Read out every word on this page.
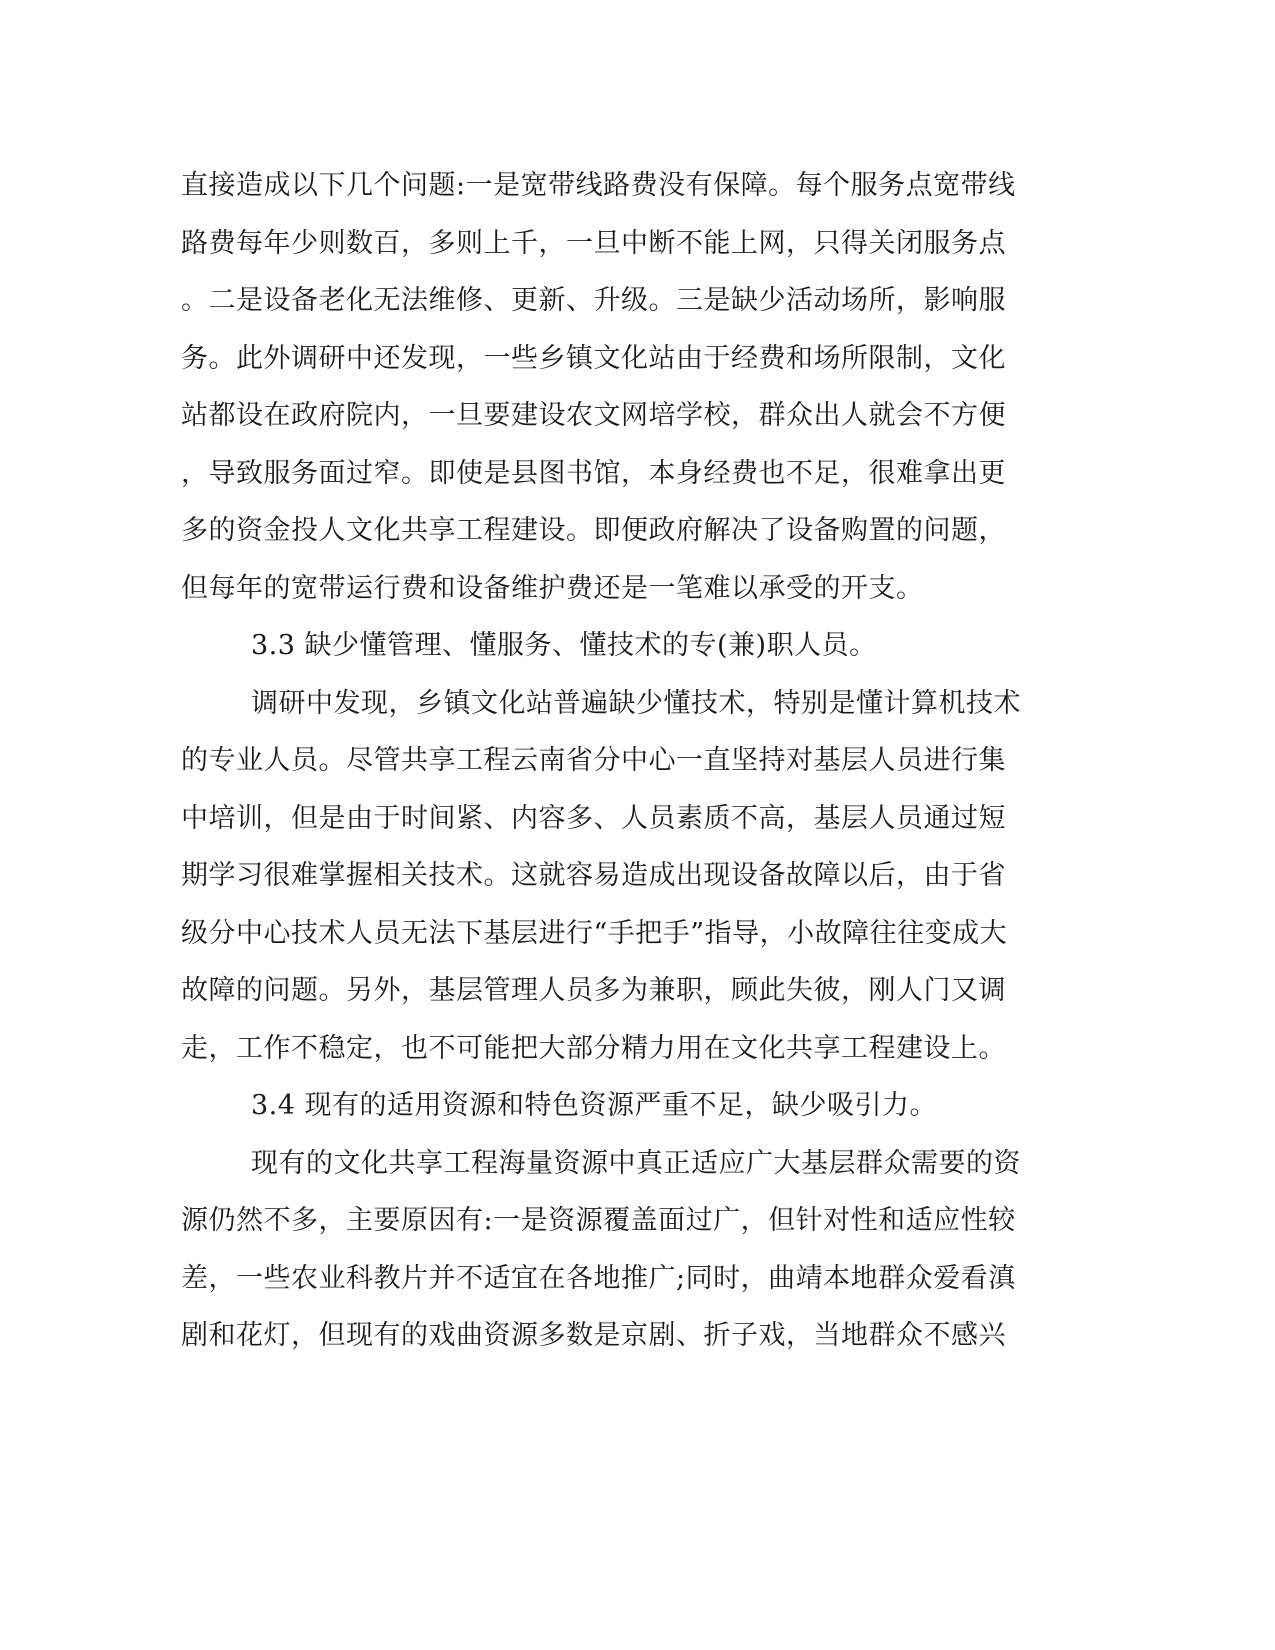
直接造成以下几个问题:一是宽带线路费没有保障。每个服务点宽带线
路费每年少则数百，多则上千，一旦中断不能上网，只得关闭服务点
。二是设备老化无法维修、更新、升级。三是缺少活动场所，影响服
务。此外调研中还发现，一些乡镇文化站由于经费和场所限制，文化
站都设在政府院内，一旦要建设农文网培学校，群众出人就会不方便
，导致服务面过窄。即使是县图书馆，本身经费也不足，很难拿出更
多的资金投人文化共享工程建设。即便政府解决了设备购置的问题，
但每年的宽带运行费和设备维护费还是一笔难以承受的开支。
3.3 缺少懂管理、懂服务、懂技术的专(兼)职人员。
调研中发现，乡镇文化站普遍缺少懂技术，特别是懂计算机技术
的专业人员。尽管共享工程云南省分中心一直坚持对基层人员进行集
中培训，但是由于时间紧、内容多、人员素质不高，基层人员通过短
期学习很难掌握相关技术。这就容易造成出现设备故障以后，由于省
级分中心技术人员无法下基层进行“手把手”指导，小故障往往变成大
故障的问题。另外，基层管理人员多为兼职，顾此失彼，刚人门又调
走，工作不稳定，也不可能把大部分精力用在文化共享工程建设上。
3.4 现有的适用资源和特色资源严重不足，缺少吸引力。
现有的文化共享工程海量资源中真正适应广大基层群众需要的资
源仍然不多，主要原因有:一是资源覆盖面过广，但针对性和适应性较
差，一些农业科教片并不适宜在各地推广;同时，曲靖本地群众爱看滇
剧和花灯，但现有的戏曲资源多数是京剧、折子戏，当地群众不感兴
